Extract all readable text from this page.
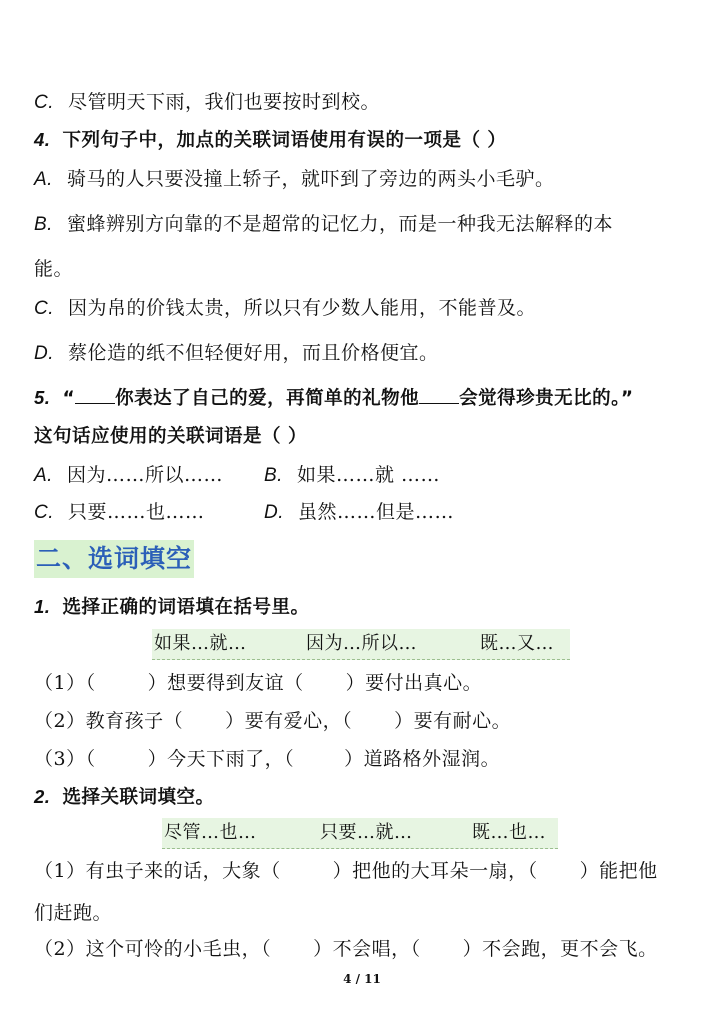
C. 尽管明天下雨，我们也要按时到校。
4. 下列句子中，加点的关联词语使用有误的一项是（ ）
A. 骑马的人只要没撞上轿子，就吓到了旁边的两头小毛驴。
B. 蜜蜂辨别方向靠的不是超常的记忆力，而是一种我无法解释的本
能。
C. 因为帛的价钱太贵，所以只有少数人能用，不能普及。
D. 蔡伦造的纸不但轻便好用，而且价格便宜。
5. “ 你表达了自己的爱，再简单的礼物他 会觉得珍贵无比的。”
这句话应使用的关联词语是（ ）
A. 因为……所以…… B. 如果……就 ……
C. 只要……也……	D. 虽然……但是……
二、选词填空
1. 选择正确的词语填在括号里。
如果…就…	因为…所以…	既…又…
（1）（	）想要得到友谊（ ）要付出真心。
（2）教育孩子（ ）要有爱心，（ ）要有耐心。
（3）（	）今天下雨了，（	）道路格外湿润。
2. 选择关联词填空。
尽管…也…	只要…就…	既…也…
（1）有虫子来的话，大象（	）把他的大耳朵一扇，（ ）能把他
们赶跑。
（2）这个可怜的小毛虫，（ ）不会唱，（ ）不会跑，更不会飞。
4 / 11
